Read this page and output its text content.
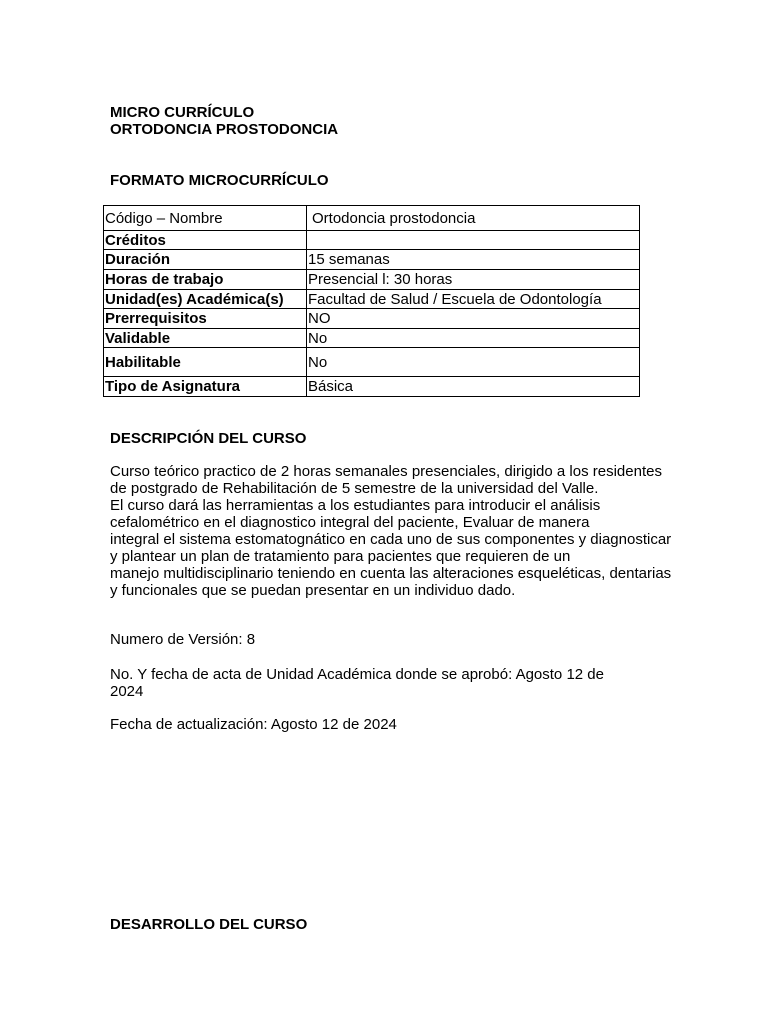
MICRO CURRÍCULO
ORTODONCIA PROSTODONCIA
FORMATO MICROCURRÍCULO
Código – Nombre	Ortodoncia prostodoncia
Créditos	
Duración	15 semanas
Horas de trabajo	Presencial l: 30 horas
Unidad(es) Académica(s)	Facultad de Salud / Escuela de Odontología
Prerrequisitos	NO
Validable	No
Habilitable	No
Tipo de Asignatura	Básica
DESCRIPCIÓN DEL CURSO
Curso teórico practico de 2 horas semanales presenciales, dirigido a los residentes
de postgrado de Rehabilitación de 5 semestre de la universidad del Valle.
El curso dará las herramientas a los estudiantes para introducir el análisis
cefalométrico en el diagnostico integral del paciente, Evaluar de manera
integral el sistema estomatognático en cada uno de sus componentes y diagnosticar
y plantear un plan de tratamiento para pacientes que requieren de un
manejo multidisciplinario teniendo en cuenta las alteraciones esqueléticas, dentarias
y funcionales que se puedan presentar en un individuo dado.
Numero de Versión: 8
No. Y fecha de acta de Unidad Académica donde se aprobó: Agosto 12 de
2024
Fecha de actualización: Agosto 12 de 2024
DESARROLLO DEL CURSO
